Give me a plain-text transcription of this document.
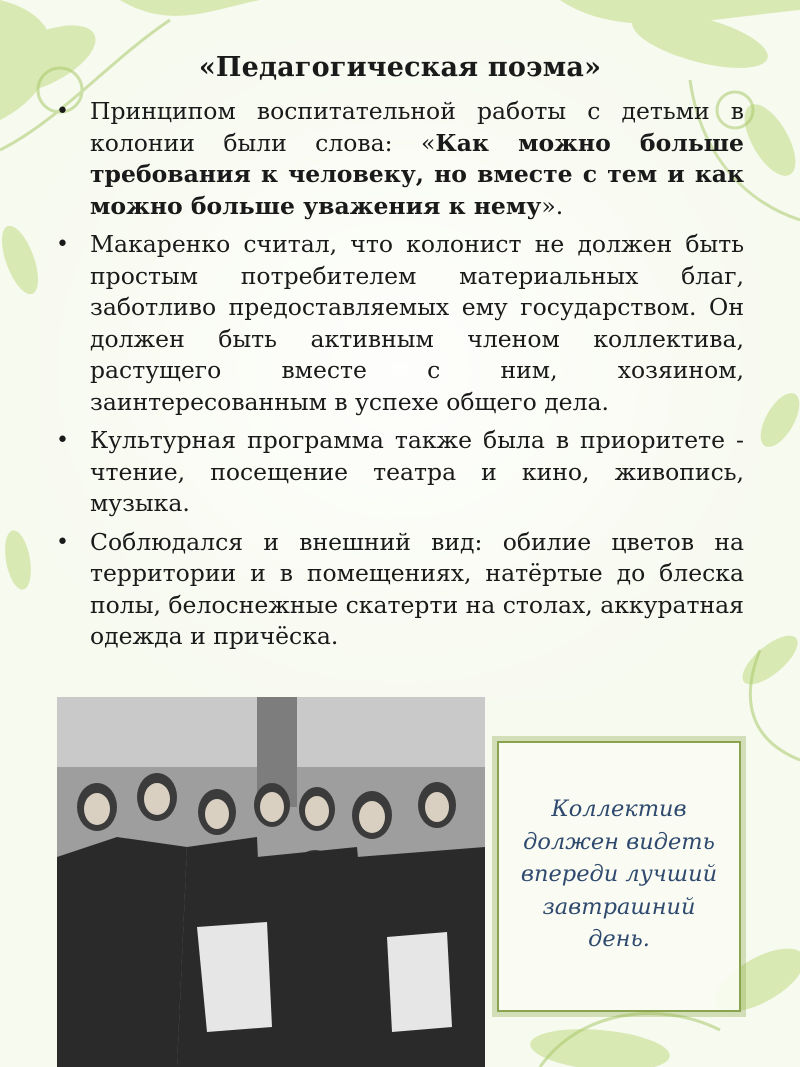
«Педагогическая поэма»
• Принципом воспитательной работы с детьми в колонии были слова: «Как можно больше требования к человеку, но вместе с тем и как можно больше уважения к нему».
• Макаренко считал, что колонист не должен быть простым потребителем материальных благ, заботливо предоставляемых ему государством. Он должен быть активным членом коллектива, растущего вместе с ним, хозяином, заинтересованным в успехе общего дела.
• Культурная программа также была в приоритете - чтение, посещение театра и кино, живопись, музыка.
• Соблюдался и внешний вид: обилие цветов на территории и в помещениях, натёртые до блеска полы, белоснежные скатерти на столах, аккуратная одежда и причёска.
Коллектив
должен видеть
впереди лучший
завтрашний
день.
